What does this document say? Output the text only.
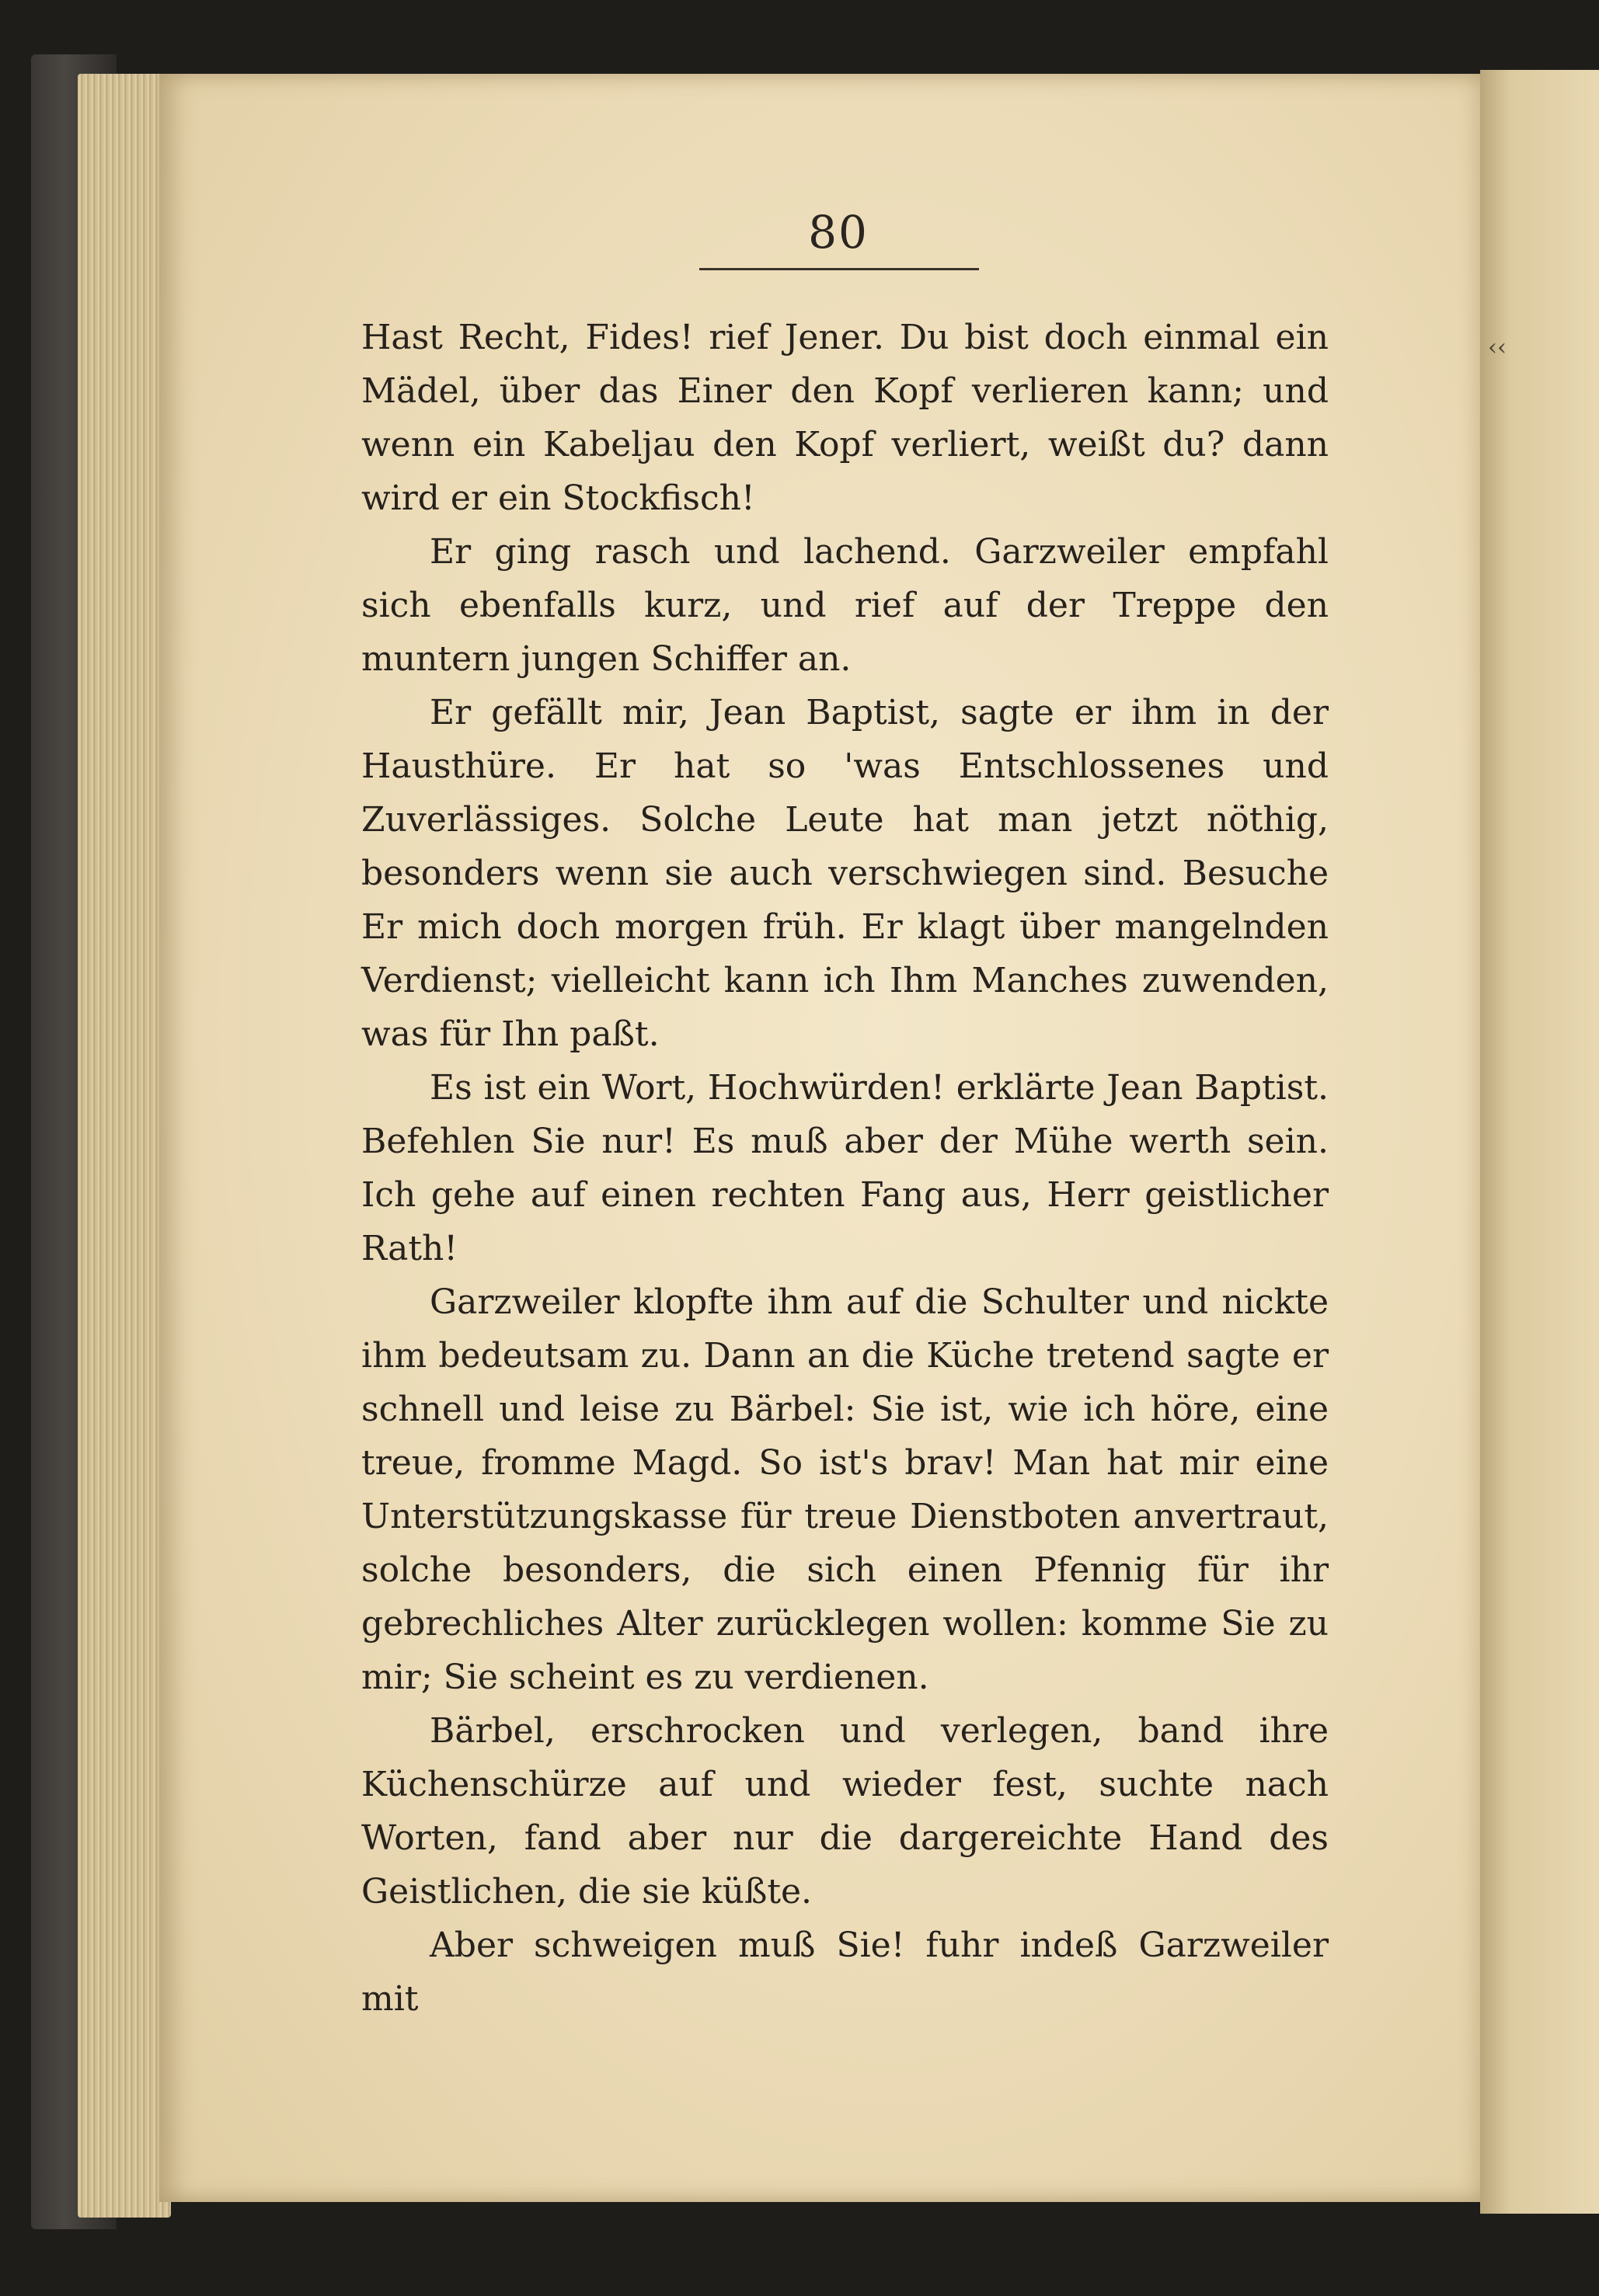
80
‹‹

Hast Recht, Fides! rief Jener. Du bist doch einmal ein Mädel, über das Einer den Kopf verlieren kann; und wenn ein Kabeljau den Kopf verliert, weißt du? dann wird er ein Stockfisch!

Er ging rasch und lachend. Garzweiler empfahl sich ebenfalls kurz, und rief auf der Treppe den muntern jungen Schiffer an.

Er gefällt mir, Jean Baptist, sagte er ihm in der Hausthüre. Er hat so 'was Entschlossenes und Zuverlässiges. Solche Leute hat man jetzt nöthig, besonders wenn sie auch verschwiegen sind. Besuche Er mich doch morgen früh. Er klagt über mangelnden Verdienst; vielleicht kann ich Ihm Manches zuwenden, was für Ihn paßt.

Es ist ein Wort, Hochwürden! erklärte Jean Baptist. Befehlen Sie nur! Es muß aber der Mühe werth sein. Ich gehe auf einen rechten Fang aus, Herr geistlicher Rath!

Garzweiler klopfte ihm auf die Schulter und nickte ihm bedeutsam zu. Dann an die Küche tretend sagte er schnell und leise zu Bärbel: Sie ist, wie ich höre, eine treue, fromme Magd. So ist's brav! Man hat mir eine Unterstützungskasse für treue Dienstboten anvertraut, solche besonders, die sich einen Pfennig für ihr gebrechliches Alter zurücklegen wollen: komme Sie zu mir; Sie scheint es zu verdienen.

Bärbel, erschrocken und verlegen, band ihre Küchenschürze auf und wieder fest, suchte nach Worten, fand aber nur die dargereichte Hand des Geistlichen, die sie küßte.

Aber schweigen muß Sie! fuhr indeß Garzweiler mit
